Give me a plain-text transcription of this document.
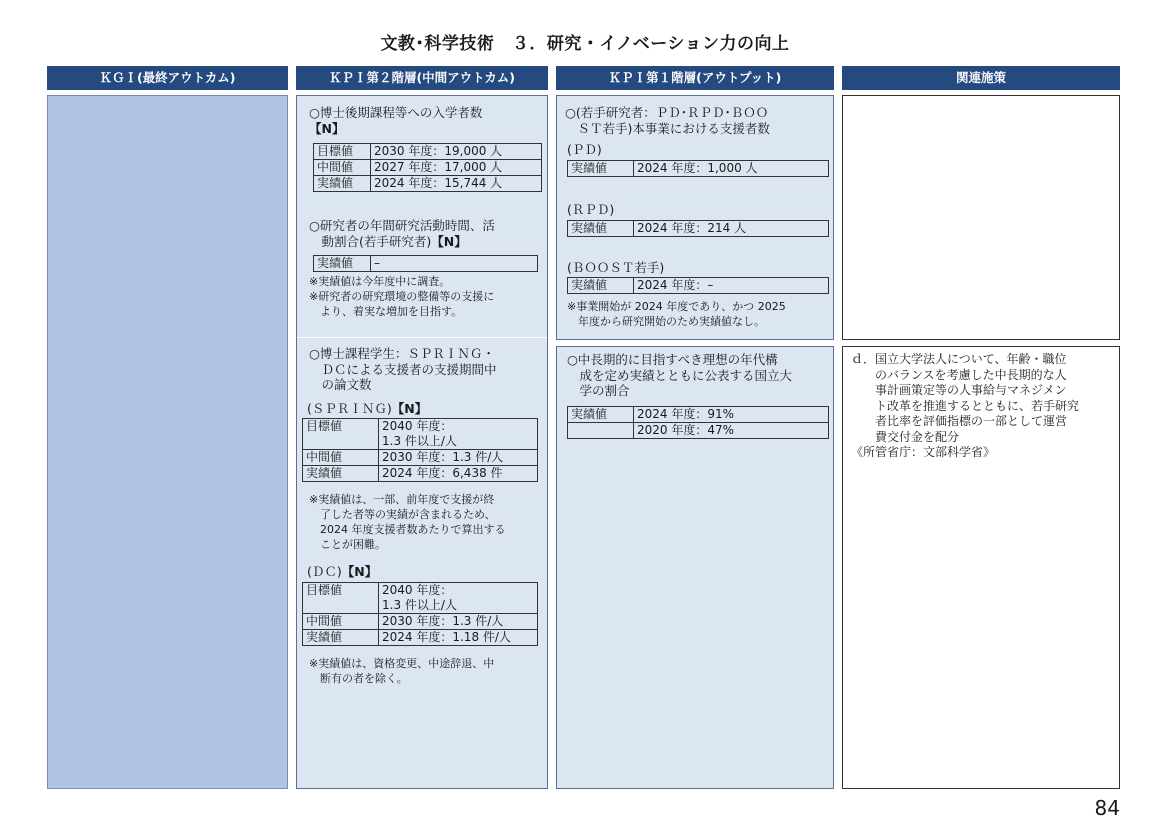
文教･科学技術　３．研究・イノベーション力の向上
ＫＧＩ(最終アウトカム)	ＫＰＩ第２階層(中間アウトカム)	ＫＰＩ第１階層(アウトプット)	関連施策
○博士後期課程等への入学者数
【N】
目標値	2030 年度：19,000 人
中間値	2027 年度：17,000 人
実績値	2024 年度：15,744 人
○研究者の年間研究活動時間、活
　動割合(若手研究者)【N】
実績値	–
※実績値は今年度中に調査。
※研究者の研究環境の整備等の支援に
　より、着実な増加を目指す。
○博士課程学生：ＳＰＲＩＮＧ・
　ＤＣによる支援者の支援期間中
　の論文数
(ＳＰＲＩＮＧ)【N】
目標値	2040 年度：
1.3 件以上/人

中間値	2030 年度：1.3 件/人
実績値	2024 年度：6,438 件
※実績値は、一部、前年度で支援が終
　了した者等の実績が含まれるため、
　2024 年度支援者数あたりで算出する
　ことが困難。
(ＤＣ)【N】
目標値	2040 年度：
1.3 件以上/人

中間値	2030 年度：1.3 件/人
実績値	2024 年度：1.18 件/人
※実績値は、資格変更、中途辞退、中
　断有の者を除く。
○(若手研究者：ＰＤ･ＲＰＤ･ＢＯＯ
　ＳＴ若手)本事業における支援者数
(ＰＤ)
実績値	2024 年度：1,000 人
(ＲＰＤ)
実績値	2024 年度：214 人
(ＢＯＯＳＴ若手)
実績値	2024 年度：–
※事業開始が 2024 年度であり、かつ 2025
　年度から研究開始のため実績値なし。
○中長期的に目指すべき理想の年代構
　成を定め実績とともに公表する国立大
　学の割合
実績値	2024 年度：91%
	2020 年度：47%
ｄ．国立大学法人について、年齢・職位
　　のバランスを考慮した中長期的な人
　　事計画策定等の人事給与マネジメン
　　ト改革を推進するとともに、若手研究
　　者比率を評価指標の一部として運営
　　費交付金を配分
《所管省庁：文部科学省》
84
